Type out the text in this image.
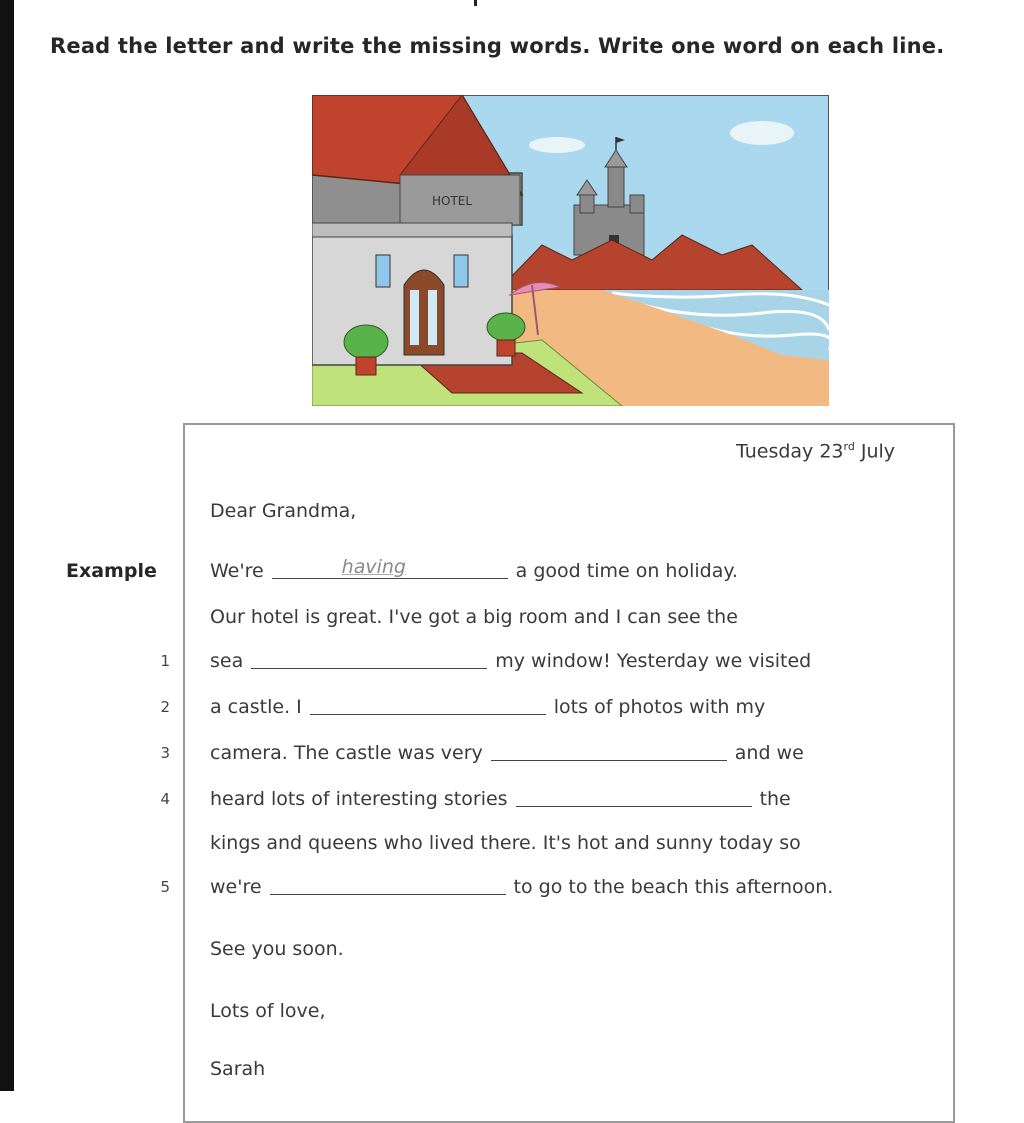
Read the letter and write the missing words. Write one word on each line.
HOTEL
Tuesday 23rd July
Dear Grandma,
Example	We're	having	a good time on holiday.
Our hotel is great. I've got a big room and I can see the
1 sea	my window! Yesterday we visited
2 a castle. I	lots of photos with my
3 camera. The castle was very	and we
4 heard lots of interesting stories	the
kings and queens who lived there. It's hot and sunny today so
5 we're	to go to the beach this afternoon.
See you soon.
Lots of love,
Sarah
